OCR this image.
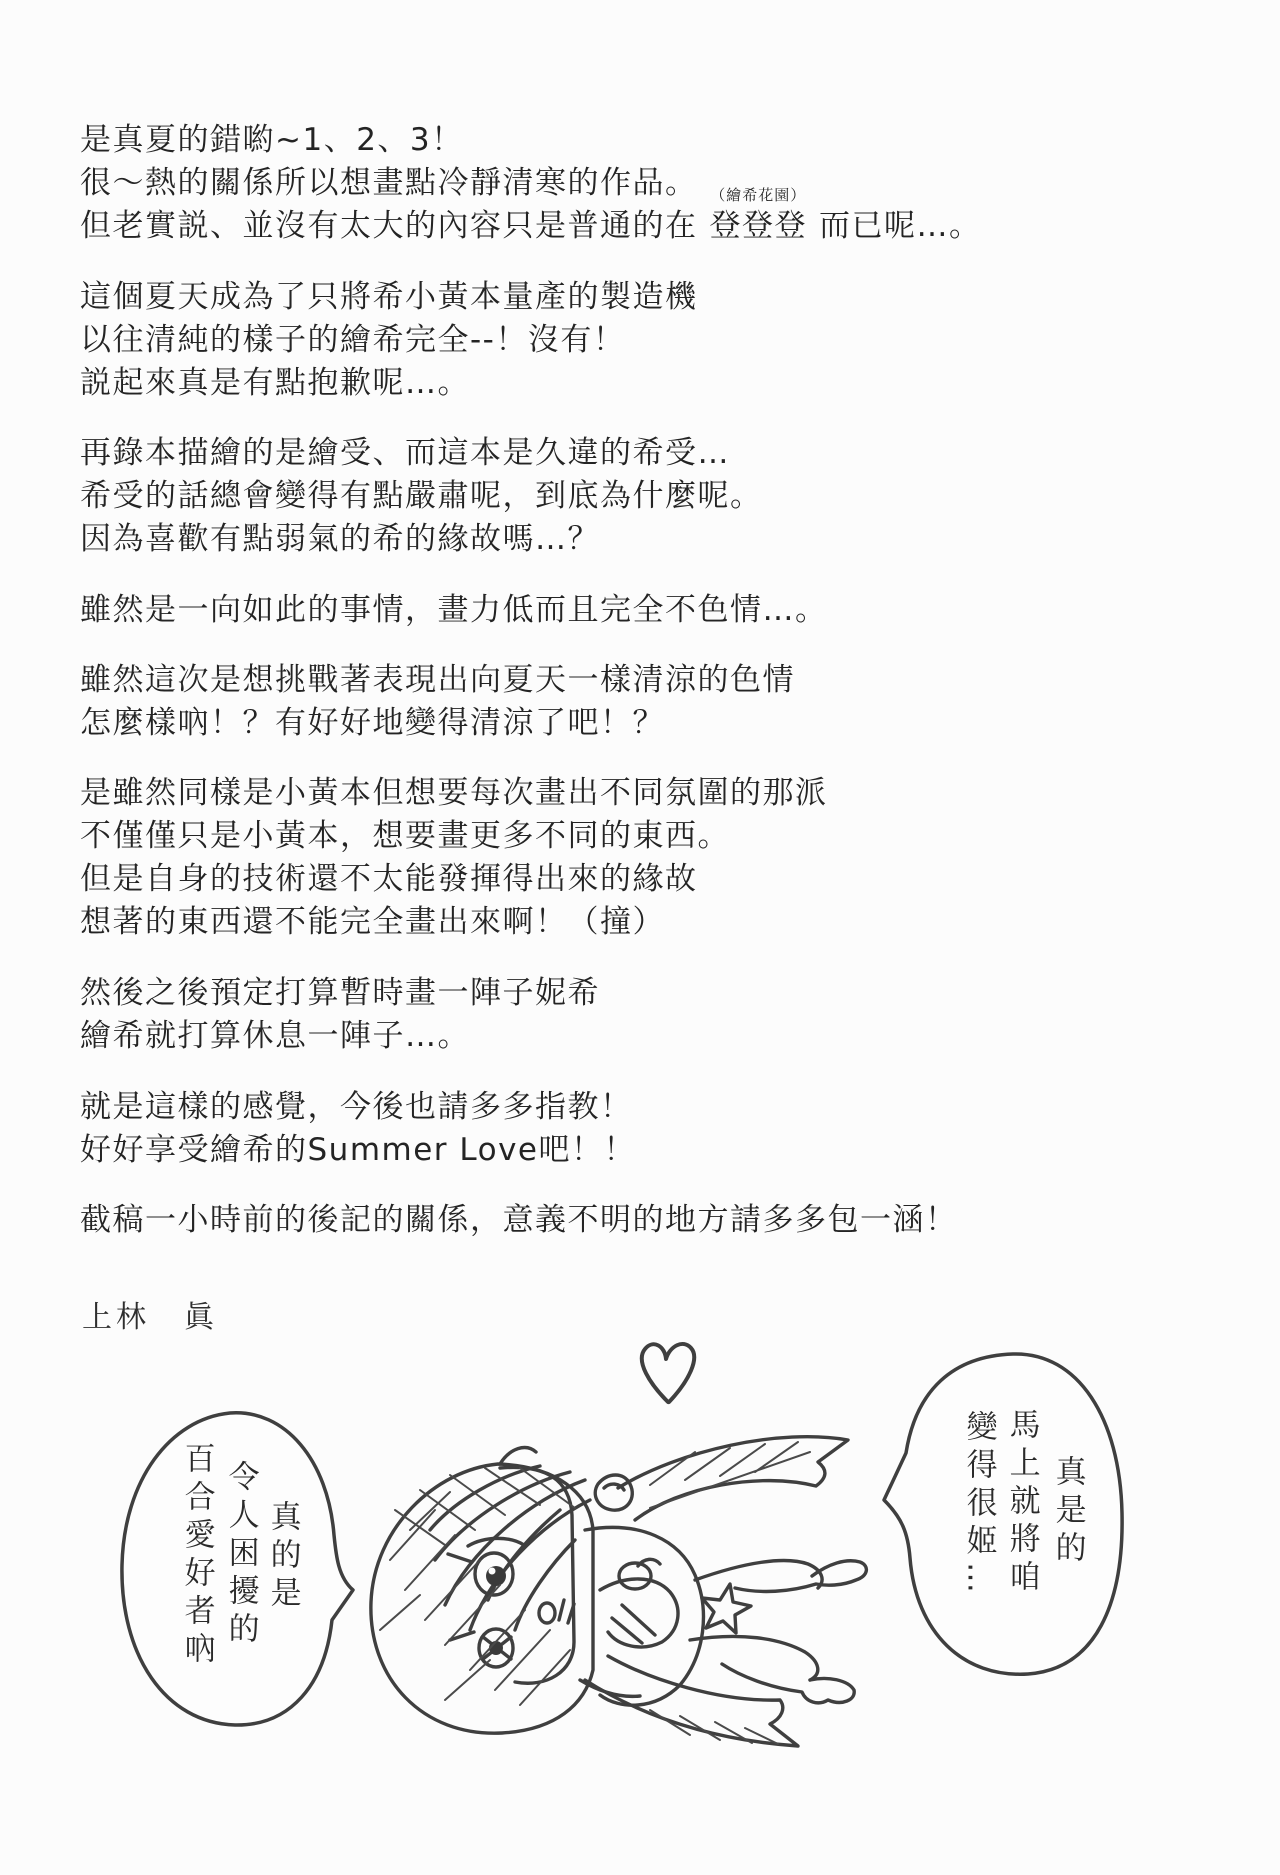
是真夏的錯喲~1、2、3！
很～熱的關係所以想畫點冷靜清寒的作品。
但老實説、並沒有太大的內容只是普通的在
（繪希花園）
登登登 而已呢…。
這個夏天成為了只將希小黃本量產的製造機
以往清純的樣子的繪希完全--！沒有！
説起來真是有點抱歉呢…。
再錄本描繪的是繪受、而這本是久違的希受…
希受的話總會變得有點嚴肅呢，到底為什麼呢。
因為喜歡有點弱氣的希的緣故嗎…？
雖然是一向如此的事情，畫力低而且完全不色情…。
雖然這次是想挑戰著表現出向夏天一樣清涼的色情
怎麼樣吶！？有好好地變得清涼了吧！？
是雖然同樣是小黃本但想要每次畫出不同氛圍的那派
不僅僅只是小黃本，想要畫更多不同的東西。
但是自身的技術還不太能發揮得出來的緣故
想著的東西還不能完全畫出來啊！（撞）
然後之後預定打算暫時畫一陣子妮希
繪希就打算休息一陣子…。
就是這樣的感覺，今後也請多多指教！
好好享受繪希的Summer Love吧！！
截稿一小時前的後記的關係，意義不明的地方請多多包一涵！
上林　眞
真的是
令人困擾的
百合愛好者吶	真是的
馬上就將咱
變得很姬…
